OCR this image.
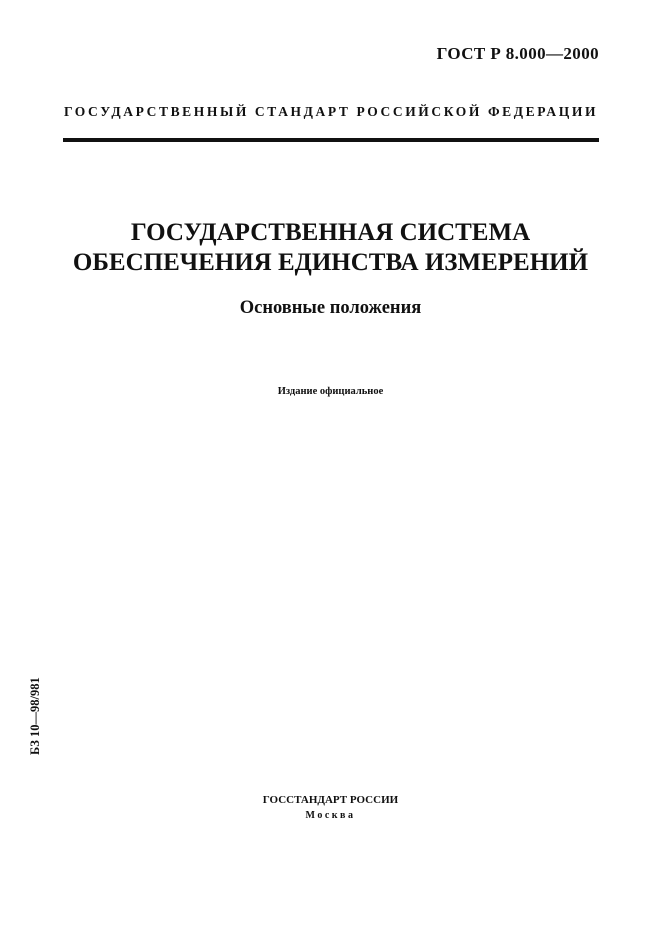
ГОСТ Р 8.000—2000
ГОСУДАРСТВЕННЫЙ СТАНДАРТ РОССИЙСКОЙ ФЕДЕРАЦИИ
ГОСУДАРСТВЕННАЯ СИСТЕМА
ОБЕСПЕЧЕНИЯ ЕДИНСТВА ИЗМЕРЕНИЙ
Основные положения
Издание официальное
БЗ 10—98/981
ГОССТАНДАРТ РОССИИ
Москва
